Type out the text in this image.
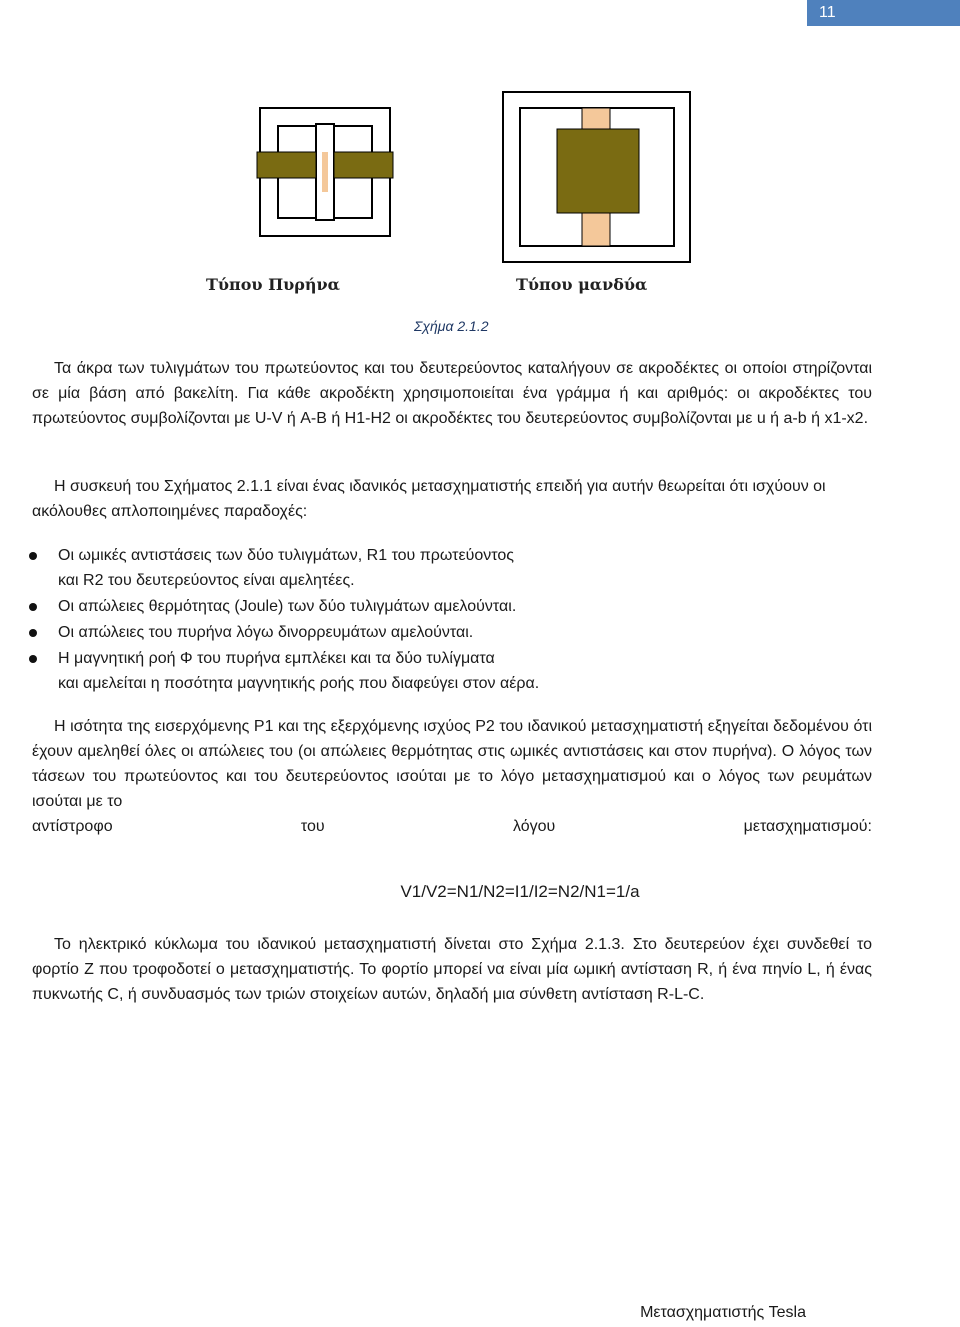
11
Τύπου Πυρήνα	Τύπου μανδύα
Σχήμα 2.1.2

Τα άκρα των τυλιγμάτων του πρωτεύοντος και του δευτερεύοντος καταλήγουν σε ακροδέκτες οι οποίοι στηρίζονται σε μία βάση από βακελίτη. Για κάθε ακροδέκτη χρησιμοποιείται ένα γράμμα ή και αριθμός: οι ακροδέκτες του πρωτεύοντος συμβολίζονται με U-V ή A-B ή H1-H2 οι ακροδέκτες του δευτερεύοντος συμβολίζονται με u ή a-b ή x1-x2.

Η συσκευή του Σχήματος 2.1.1 είναι ένας ιδανικός μετασχηματιστής επειδή για αυτήν θεωρείται ότι ισχύουν οι ακόλουθες απλοποιημένες παραδοχές:

Οι ωμικές αντιστάσεις των δύο τυλιγμάτων, R1 του πρωτεύοντος
και R2 του δευτερεύοντος είναι αμελητέες.
Οι απώλειες θερμότητας (Joule) των δύο τυλιγμάτων αμελούνται.
Οι απώλειες του πυρήνα λόγω δινορρευμάτων αμελούνται.
Η μαγνητική ροή Φ του πυρήνα εμπλέκει και τα δύο τυλίγματα
και αμελείται η ποσότητα μαγνητικής ροής που διαφεύγει στον αέρα.

Η ισότητα της εισερχόμενης P1 και της εξερχόμενης ισχύος P2 του ιδανικού μετασχηματιστή εξηγείται δεδομένου ότι έχουν αμεληθεί όλες οι απώλειες του (οι απώλειες θερμότητας στις ωμικές αντιστάσεις και στον πυρήνα). Ο λόγος των τάσεων του πρωτεύοντος και του δευτερεύοντος ισούται με το λόγο μετασχηματισμού και ο λόγος των ρευμάτων ισούται με το

αντίστροφο του λόγου μετασχηματισμού:

V1/V2=N1/N2=I1/I2=N2/N1=1/a

Το ηλεκτρικό κύκλωμα του ιδανικού μετασχηματιστή δίνεται στο Σχήμα 2.1.3. Στο δευτερεύον έχει συνδεθεί το φορτίο Z που τροφοδοτεί ο μετασχηματιστής. Το φορτίο μπορεί να είναι μία ωμική αντίσταση R, ή ένα πηνίο L, ή ένας πυκνωτής C, ή συνδυασμός των τριών στοιχείων αυτών, δηλαδή μια σύνθετη αντίσταση R-L-C.

Μετασχηματιστής Tesla
